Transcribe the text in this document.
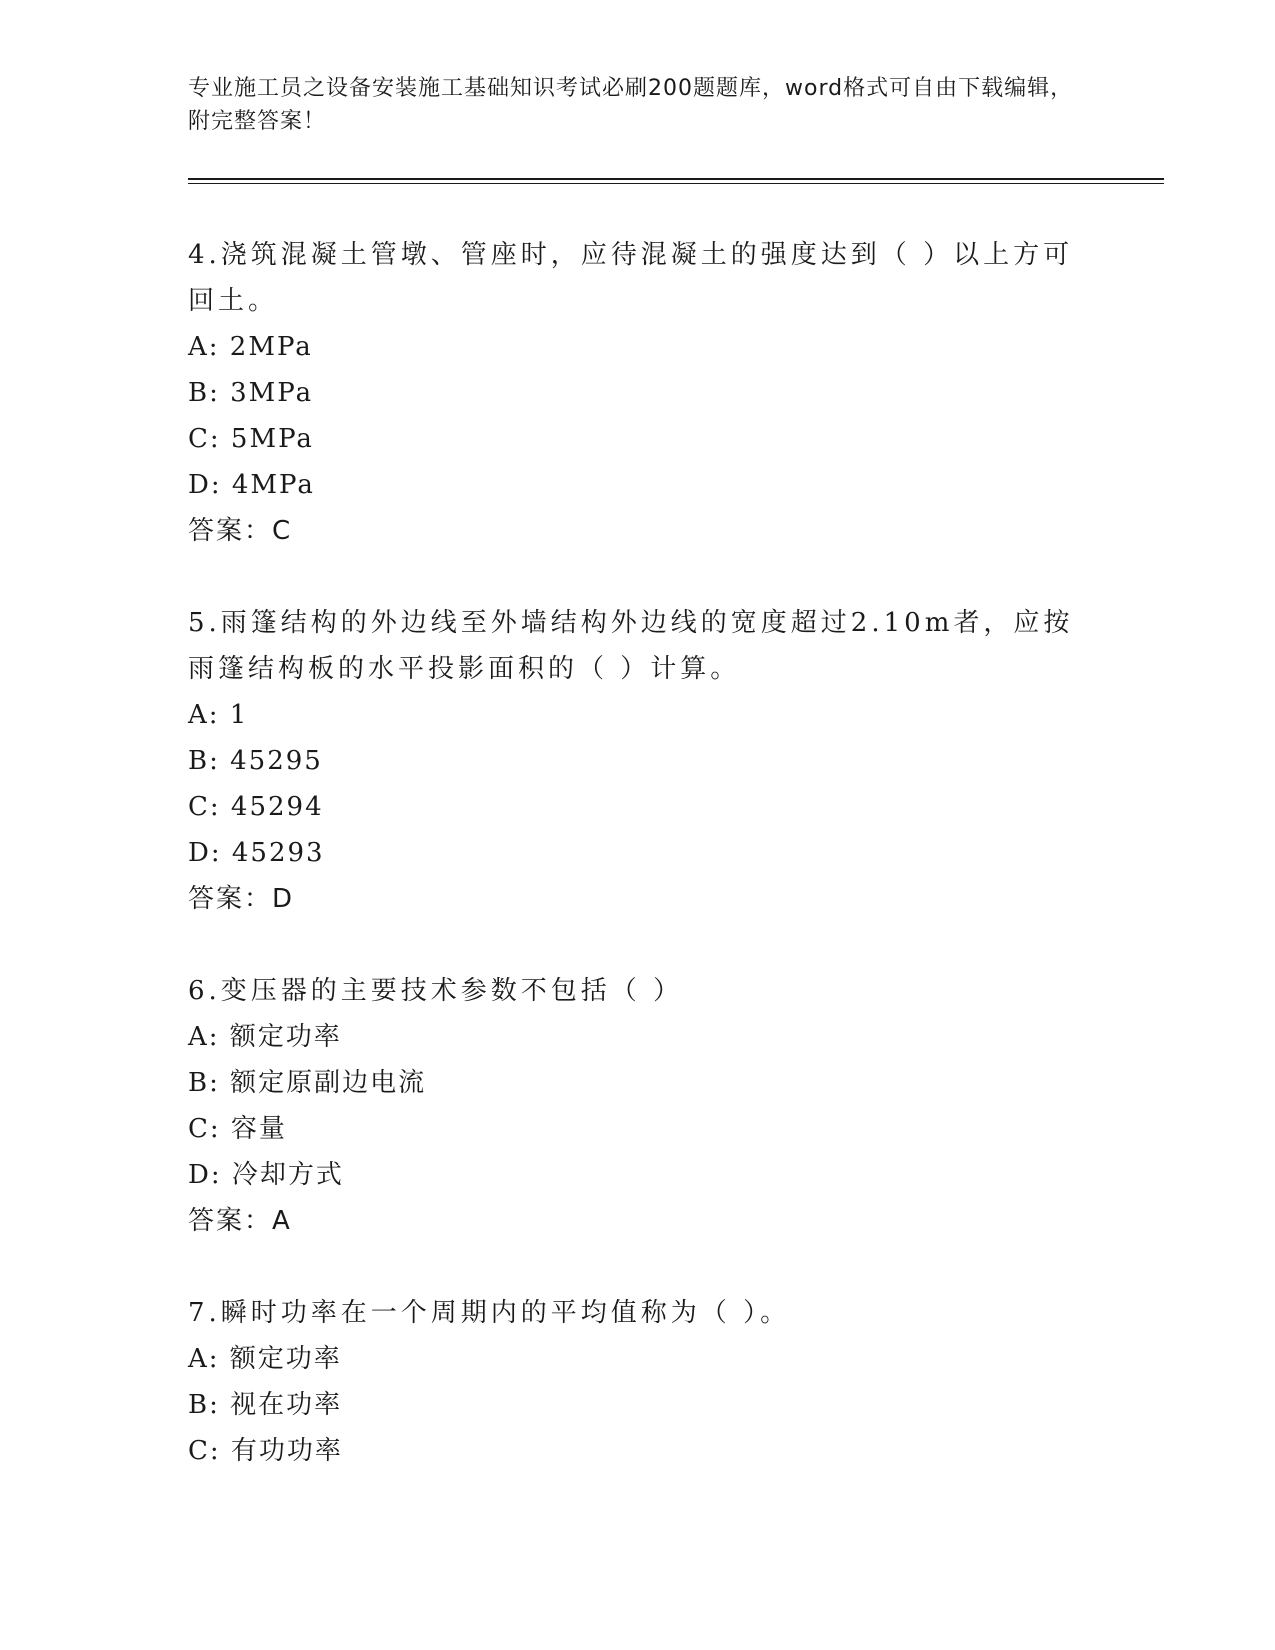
专业施工员之设备安装施工基础知识考试必刷200题题库，word格式可自由下载编辑，附完整答案！

4.浇筑混凝土管墩、管座时，应待混凝土的强度达到（ ）以上方可回土。

A: 2MPa

B: 3MPa

C: 5MPa

D: 4MPa

答案：C

5.雨篷结构的外边线至外墙结构外边线的宽度超过2.10m者，应按雨篷结构板的水平投影面积的（ ）计算。

A: 1

B: 45295

C: 45294

D: 45293

答案：D

6.变压器的主要技术参数不包括（ ）

A: 额定功率

B: 额定原副边电流

C: 容量

D: 冷却方式

答案：A

7.瞬时功率在一个周期内的平均值称为（ ）。

A: 额定功率

B: 视在功率

C: 有功功率
